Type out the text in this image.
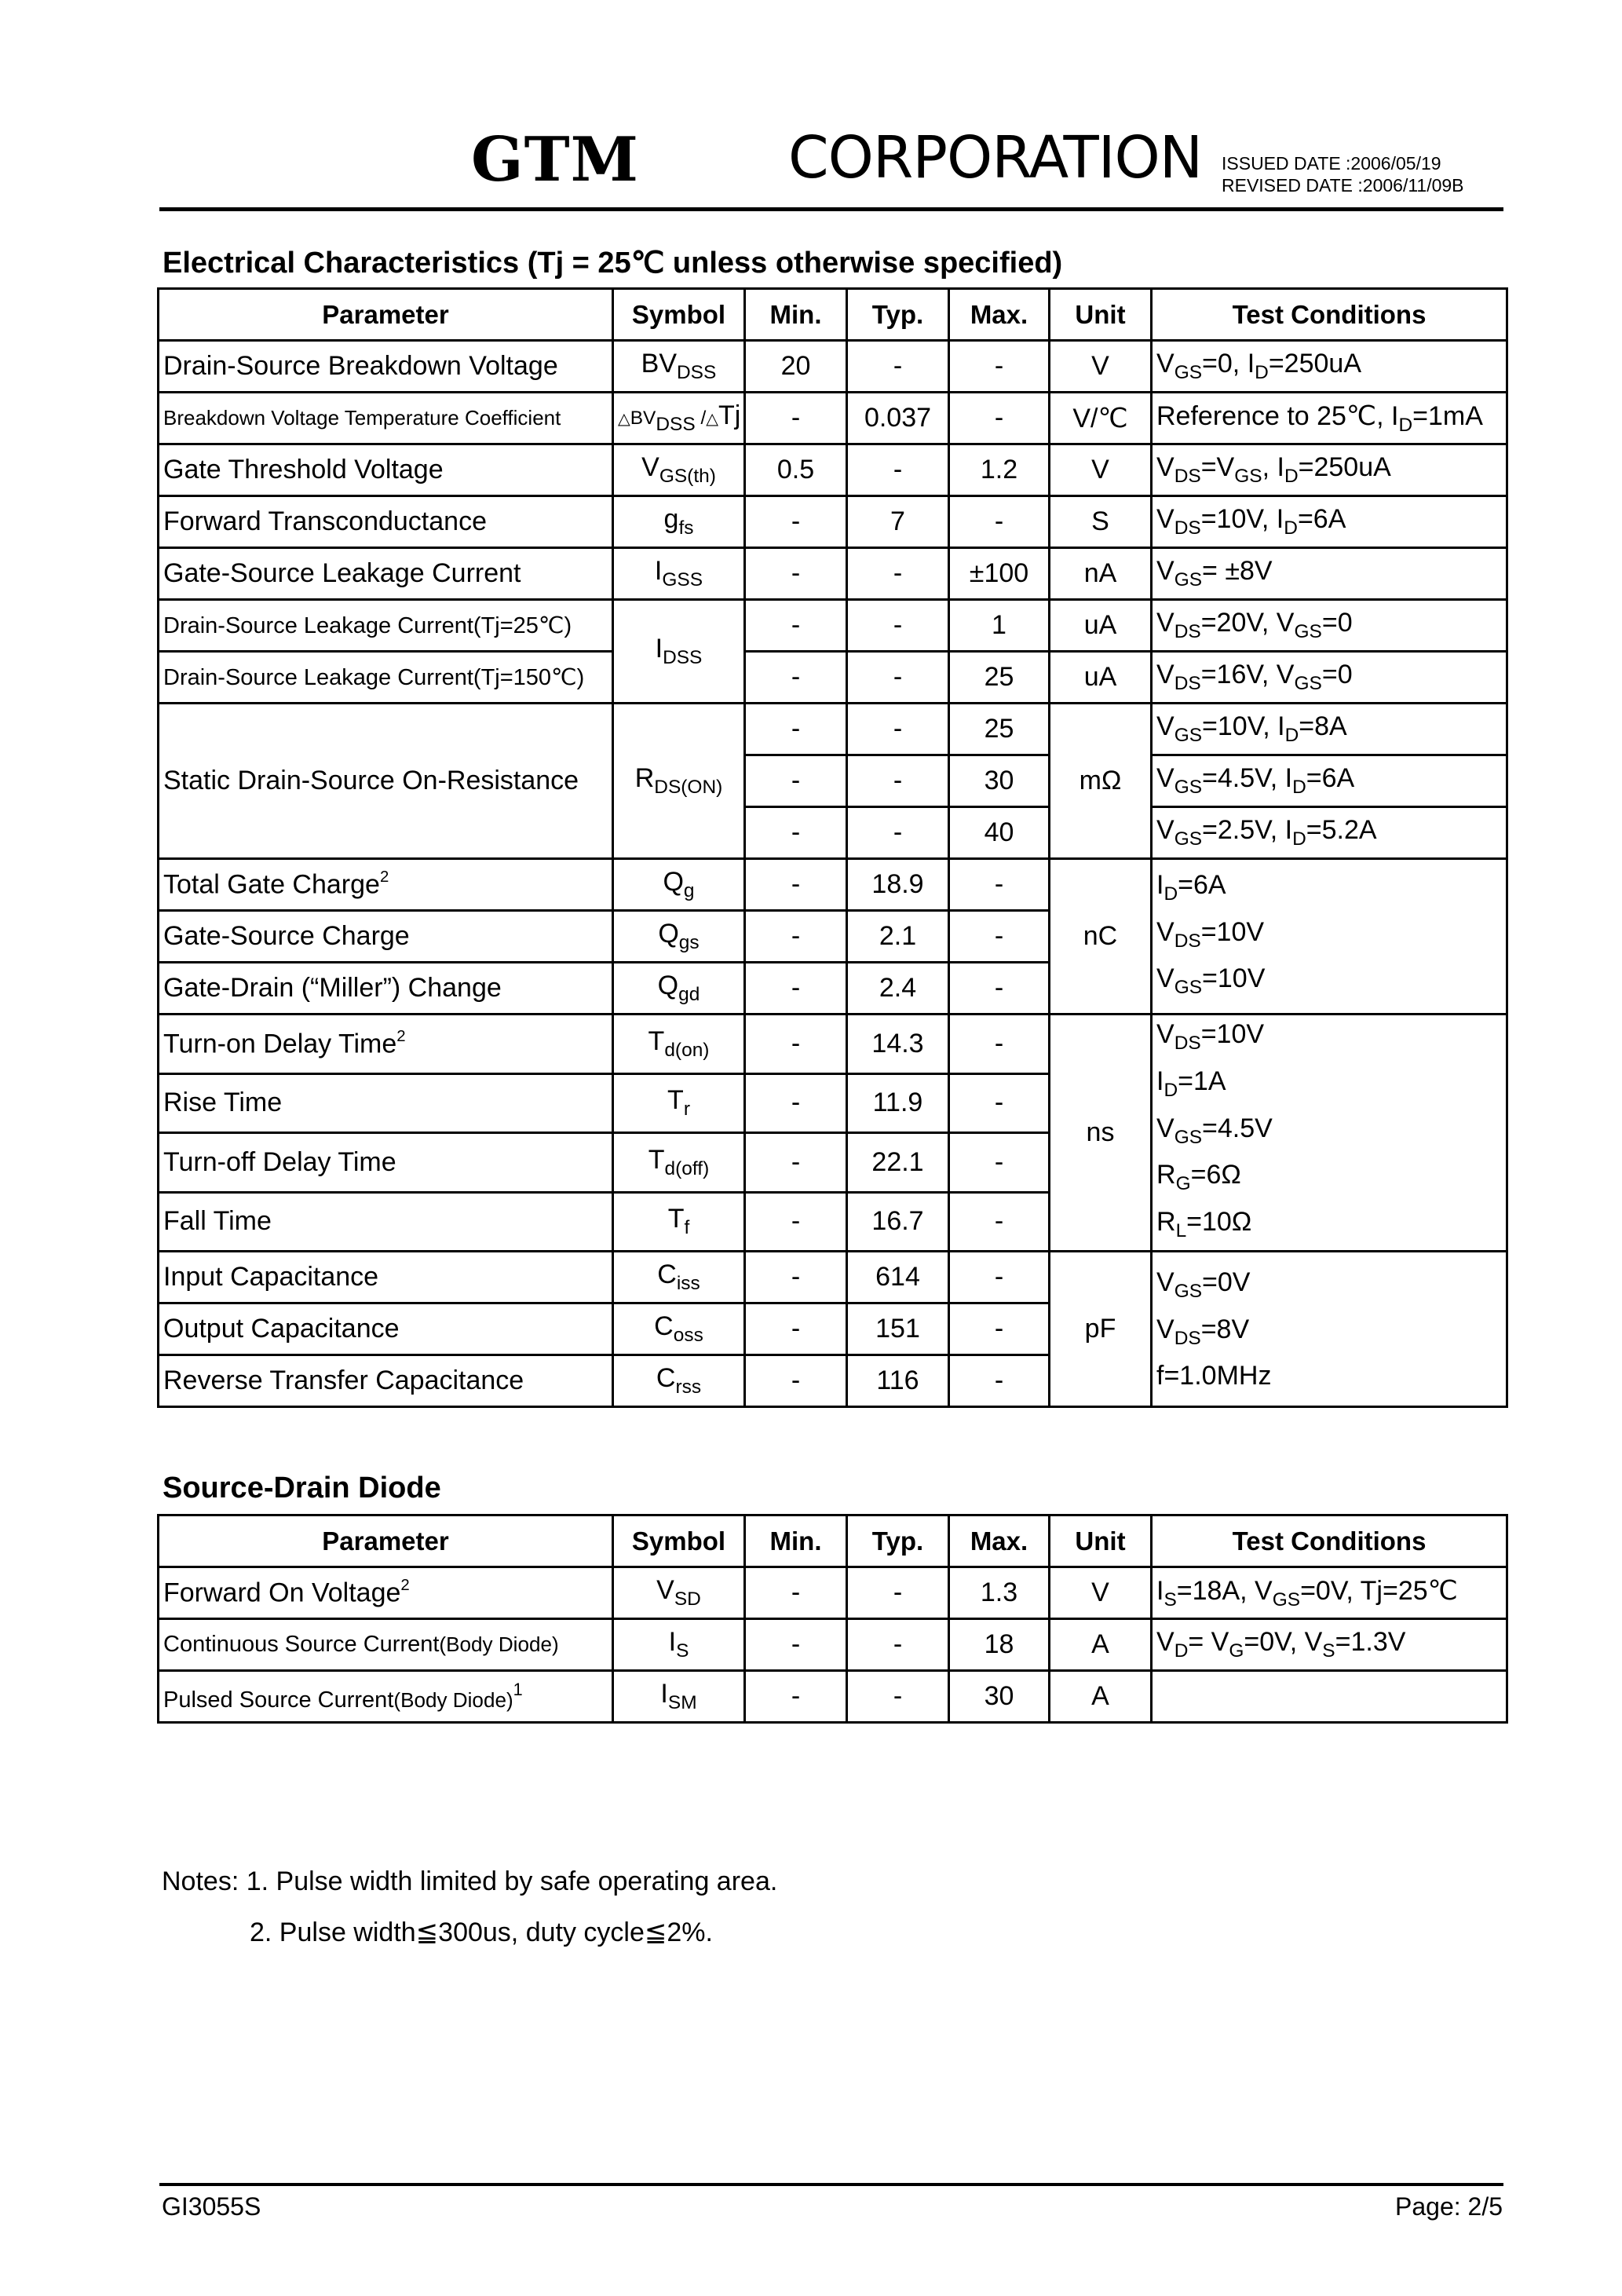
GTM	CORPORATION ISSUED DATE :2006/05/19
REVISED DATE :2006/11/09B
Electrical Characteristics (Tj = 25℃ unless otherwise specified)
Parameter	Symbol	Min.	Typ.	Max.	Unit	Test Conditions
Drain-Source Breakdown Voltage	$BV_{DSS}$	20	-	-	V	$V_{GS}=0$, $I_D=250uA$
Breakdown Voltage Temperature Coefficient	$\triangle BV_{DSS}$ /△Tj	-	0.037	-	V/℃	Reference to 25℃, $I_D=1mA$
Gate Threshold Voltage	$V_{GS(th)}$	0.5	-	1.2	V	$V_{DS}=V_{GS}$, $I_D=250uA$
Forward Transconductance	$g_{fs}$	-	7	-	S	$V_{DS}=10V$, $I_D=6A$
Gate-Source Leakage Current	$I_{GSS}$	-	-	±100	nA	$V_{GS}= \pm 8V$
Drain-Source Leakage Current(Tj=25℃)	$I_{DSS}$	-	-	1	uA	$V_{DS}=20V$, $V_{GS}=0$
Drain-Source Leakage Current(Tj=150℃)		-	-	25	uA	$V_{DS}=16V$, $V_{GS}=0$
Static Drain-Source On-Resistance	$R_{DS(ON)}$	-	-	25	mΩ	$V_{GS}=10V$, $I_D=8A$
		-	-	30		$V_{GS}=4.5V$, $I_D=6A$
		-	-	40		$V_{GS}=2.5V$, $I_D=5.2A$
Total Gate Charge$^2$	$Q_g$	-	18.9	-	nC	$I_D=6A$
$V_{DS}=10V$
$V_{GS}=10V$

Gate-Source Charge	$Q_{gs}$	-	2.1	-		
Gate-Drain (“Miller”) Change	$Q_{gd}$	-	2.4	-		
Turn-on Delay Time$^2$	$T_{d(on)}$	-	14.3	-	ns	$V_{DS}=10V$
$I_D=1A$
$V_{GS}=4.5V$
$R_G=6\Omega$
$R_L=10\Omega$

Rise Time	$T_r$	-	11.9	-		
Turn-off Delay Time	$T_{d(off)}$	-	22.1	-		
Fall Time	$T_f$	-	16.7	-		
Input Capacitance	$C_{iss}$	-	614	-	pF	$V_{GS}=0V$
$V_{DS}=8V$
f=1.0MHz

Output Capacitance	$C_{oss}$	-	151	-		
Reverse Transfer Capacitance	$C_{rss}$	-	116	-		
Source-Drain Diode
Parameter	Symbol	Min.	Typ.	Max.	Unit	Test Conditions
Forward On Voltage$^2$	$V_{SD}$	-	-	1.3	V	$I_S=18A$, $V_{GS}=0V$, Tj=25℃
Continuous Source Current(Body Diode)	$I_S$	-	-	18	A	$V_D= V_G=0V$, $V_S=1.3V$
Pulsed Source Current(Body Diode)$^1$	$I_{SM}$	-	-	30	A	
Notes: 1. Pulse width limited by safe operating area.
2. Pulse width≦300us, duty cycle≦2%.
GI3055S	Page: 2/5
